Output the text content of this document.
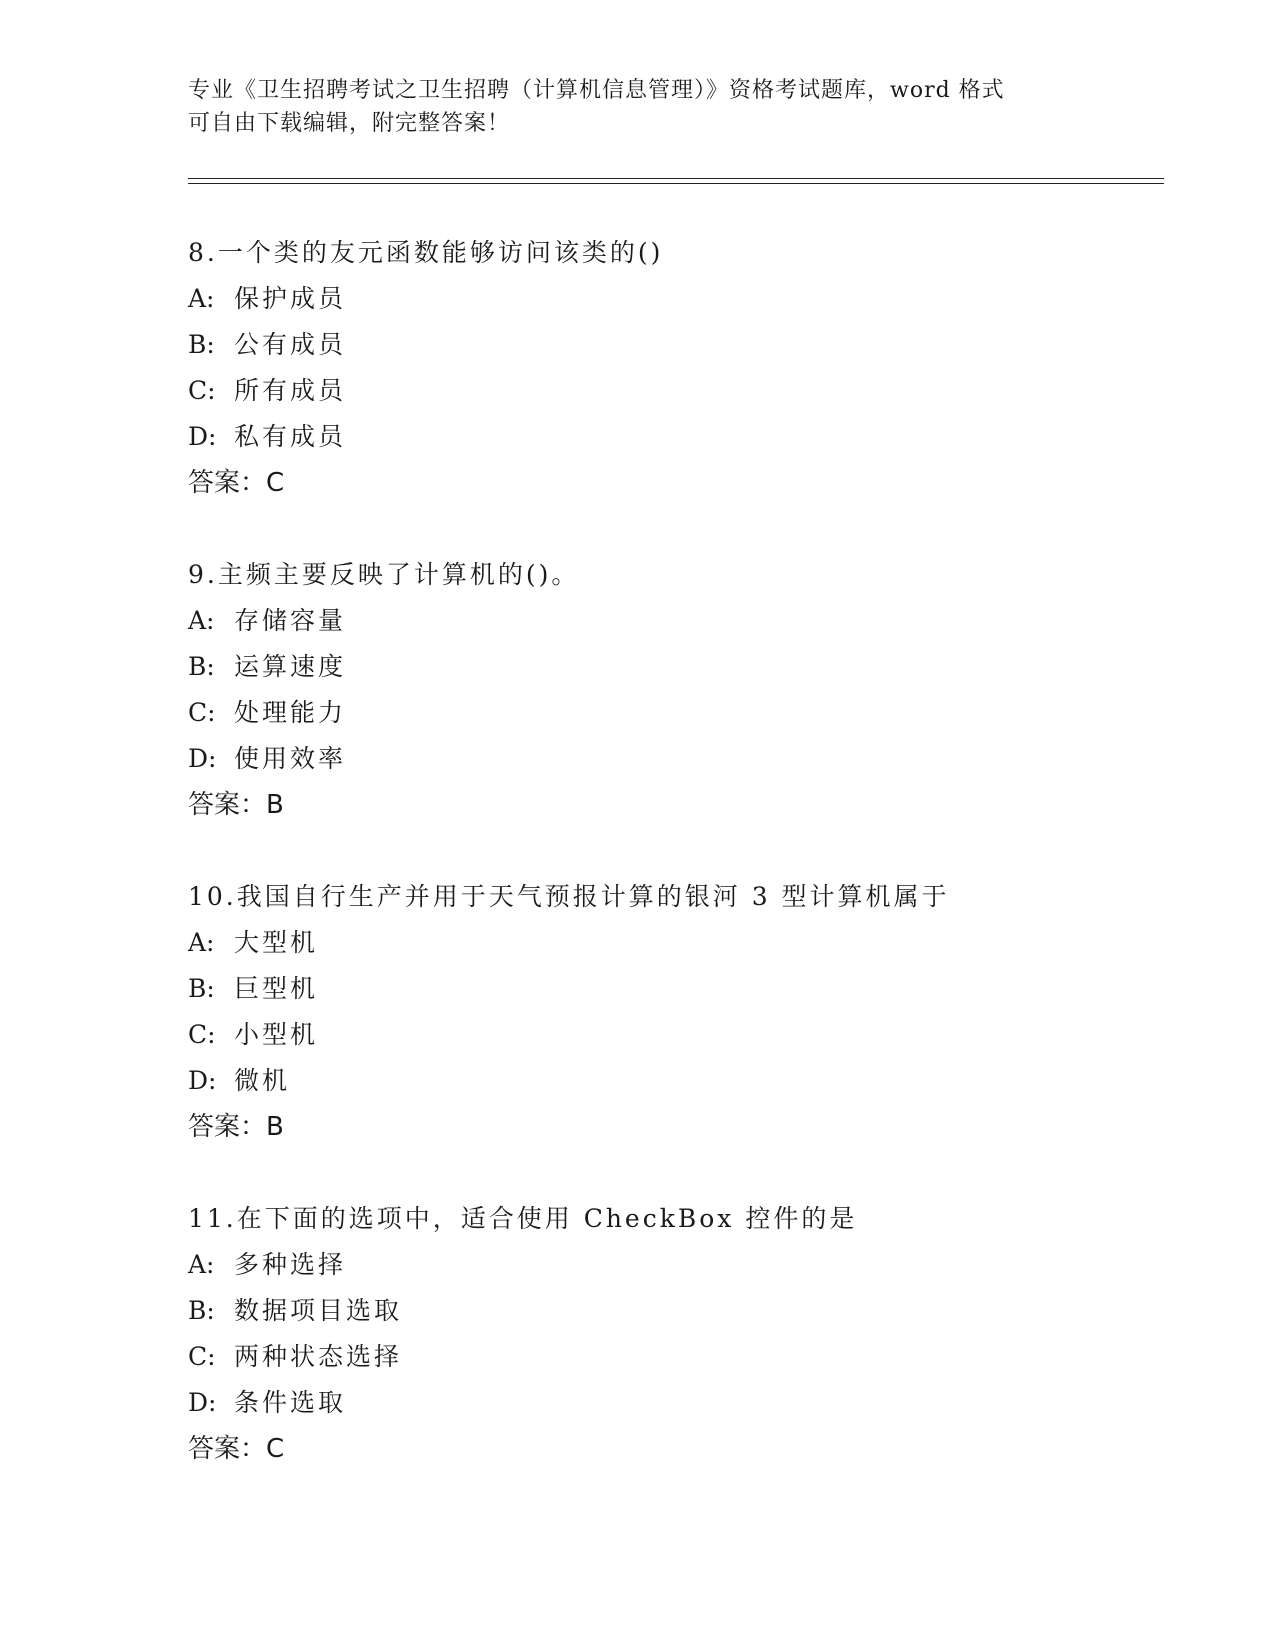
专业《卫生招聘考试之卫生招聘（计算机信息管理）》资格考试题库，word 格式
可自由下载编辑，附完整答案！
8.一个类的友元函数能够访问该类的()
A: 保护成员
B: 公有成员
C: 所有成员
D: 私有成员
答案：C
9.主频主要反映了计算机的()。
A: 存储容量
B: 运算速度
C: 处理能力
D: 使用效率
答案：B
10.我国自行生产并用于天气预报计算的银河 3 型计算机属于
A: 大型机
B: 巨型机
C: 小型机
D: 微机
答案：B
11.在下面的选项中，适合使用 CheckBox 控件的是
A: 多种选择
B: 数据项目选取
C: 两种状态选择
D: 条件选取
答案：C
